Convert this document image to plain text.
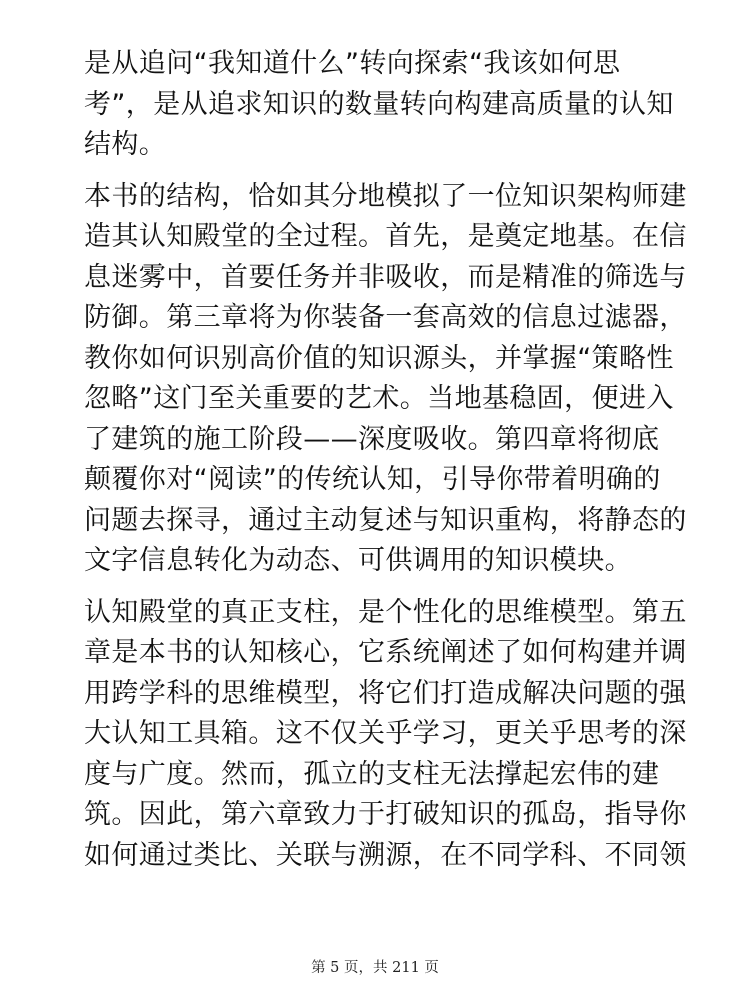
是从追问“我知道什么”转向探索“我该如何思
考”，是从追求知识的数量转向构建高质量的认知
结构。
本书的结构，恰如其分地模拟了一位知识架构师建
造其认知殿堂的全过程。首先，是奠定地基。在信
息迷雾中，首要任务并非吸收，而是精准的筛选与
防御。第三章将为你装备一套高效的信息过滤器，
教你如何识别高价值的知识源头，并掌握“策略性
忽略”这门至关重要的艺术。当地基稳固，便进入
了建筑的施工阶段——深度吸收。第四章将彻底
颠覆你对“阅读”的传统认知，引导你带着明确的
问题去探寻，通过主动复述与知识重构，将静态的
文字信息转化为动态、可供调用的知识模块。
认知殿堂的真正支柱，是个性化的思维模型。第五
章是本书的认知核心，它系统阐述了如何构建并调
用跨学科的思维模型，将它们打造成解决问题的强
大认知工具箱。这不仅关乎学习，更关乎思考的深
度与广度。然而，孤立的支柱无法撑起宏伟的建
筑。因此，第六章致力于打破知识的孤岛，指导你
如何通过类比、关联与溯源，在不同学科、不同领
第 5 页，共 211 页
